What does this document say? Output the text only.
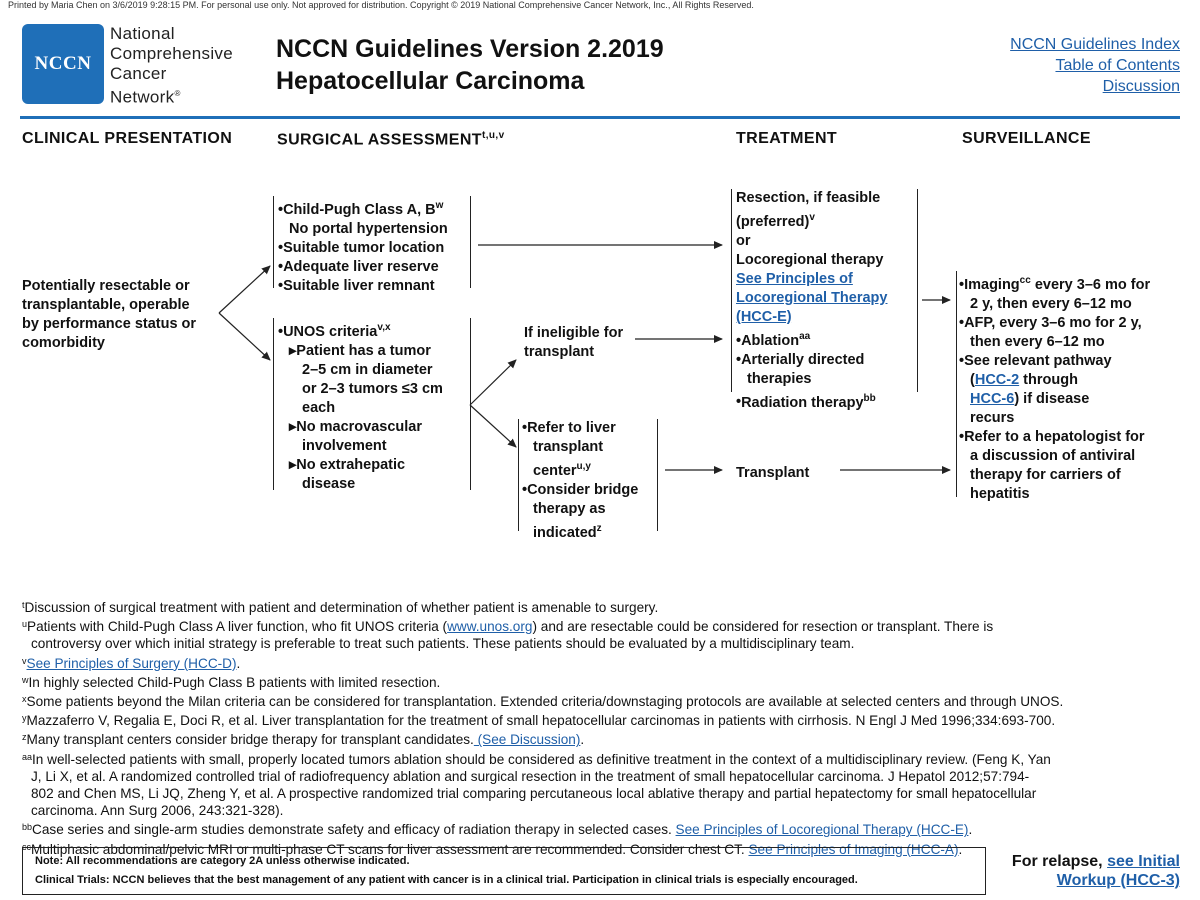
Printed by Maria Chen on 3/6/2019 9:28:15 PM. For personal use only. Not approved for distribution. Copyright © 2019 National Comprehensive Cancer Network, Inc., All Rights Reserved.
NCCN
National
Comprehensive
Cancer
Network®
NCCN Guidelines Version 2.2019
Hepatocellular Carcinoma
NCCN Guidelines Index
Table of Contents
Discussion
CLINICAL PRESENTATION	SURGICAL ASSESSMENT$^{t,u,v}$	TREATMENT	SURVEILLANCE
Potentially resectable or
transplantable, operable
by performance status or
comorbidity
• Child-Pugh Class A, $B^w$
No portal hypertension
• Suitable tumor location
• Adequate liver reserve
• Suitable liver remnant
• UNOS criteria$^{v,x}$
▸ Patient has a tumor
2–5 cm in diameter
or 2–3 tumors ≤3 cm
each
▸ No macrovascular
involvement
▸ No extrahepatic
disease
If ineligible for
transplant
• Refer to liver
transplant
center$^{u,y}$
• Consider bridge
therapy as
indicated$^z$
Resection, if feasible
(preferred)$^v$
or
Locoregional therapy
See Principles of
Locoregional Therapy
(HCC-E)
• Ablation$^{aa}$
• Arterially directed
therapies
• Radiation therapy$^{bb}$
Transplant
• Imaging$^{cc}$ every 3–6 mo for
2 y, then every 6–12 mo
• AFP, every 3–6 mo for 2 y,
then every 6–12 mo
• See relevant pathway
(HCC-2 through
HCC-6) if disease
recurs
• Refer to a hepatologist for
a discussion of antiviral
therapy for carriers of
hepatitis

$^t$Discussion of surgical treatment with patient and determination of whether patient is amenable to surgery.

$^u$Patients with Child-Pugh Class A liver function, who fit UNOS criteria (www.unos.org) and are resectable could be considered for resection or transplant. There is

controversy over which initial strategy is preferable to treat such patients. These patients should be evaluated by a multidisciplinary team.

$^v$See Principles of Surgery (HCC-D).

$^w$In highly selected Child-Pugh Class B patients with limited resection.

$^x$Some patients beyond the Milan criteria can be considered for transplantation. Extended criteria/downstaging protocols are available at selected centers and through UNOS.

$^y$Mazzaferro V, Regalia E, Doci R, et al. Liver transplantation for the treatment of small hepatocellular carcinomas in patients with cirrhosis. N Engl J Med 1996;334:693-700.

$^z$Many transplant centers consider bridge therapy for transplant candidates. (See Discussion).

$^{aa}$In well-selected patients with small, properly located tumors ablation should be considered as definitive treatment in the context of a multidisciplinary review. (Feng K, Yan

J, Li X, et al. A randomized controlled trial of radiofrequency ablation and surgical resection in the treatment of small hepatocellular carcinoma. J Hepatol 2012;57:794-

802 and Chen MS, Li JQ, Zheng Y, et al. A prospective randomized trial comparing percutaneous local ablative therapy and partial hepatectomy for small hepatocellular

carcinoma. Ann Surg 2006, 243:321-328).

$^{bb}$Case series and single-arm studies demonstrate safety and efficacy of radiation therapy in selected cases. See Principles of Locoregional Therapy (HCC-E).

$^{cc}$Multiphasic abdominal/pelvic MRI or multi-phase CT scans for liver assessment are recommended. Consider chest CT. See Principles of Imaging (HCC-A).

Note: All recommendations are category 2A unless otherwise indicated.
Clinical Trials: NCCN believes that the best management of any patient with cancer is in a clinical trial. Participation in clinical trials is especially encouraged.
For relapse, see Initial
Workup (HCC-3)
